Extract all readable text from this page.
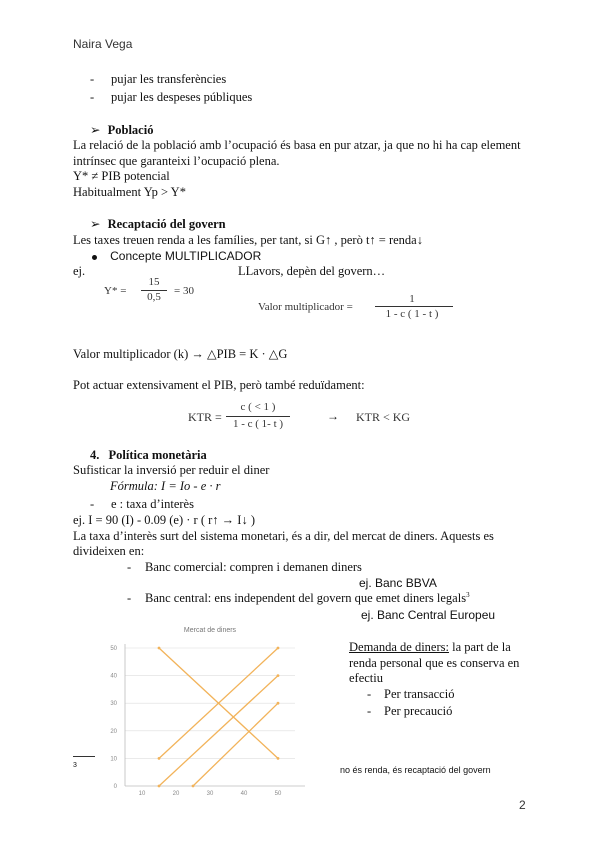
Naira Vega
- pujar les transferències
- pujar les despeses públiques
➢ Població
La relació de la població amb l’ocupació és basa en pur atzar, ja que no hi ha cap element
intrínsec que garanteixi l’ocupació plena.
Y* ≠ PIB potencial
Habitualment Yp > Y*
➢ Recaptació del govern
Les taxes treuen renda a les famílies, per tant, si G↑ , però t↑ = renda↓
Concepte MULTIPLICADOR
ej.	LLavors, depèn del govern…
Y* =
15
0,5	= 30
Valor multiplicador =
1
1 - c ( 1 - t )
Valor multiplicador (k) → △PIB = K · △G
Pot actuar extensivament el PIB, però també reduïdament:
KTR =
c ( < 1 )
1 - c ( 1- t )
→ KTR < KG
4. Política monetària
Sufisticar la inversió per reduir el diner
Fórmula: I = Io - e · r
- e : taxa d’interès
ej. I = 90 (I) - 0.09 (e) · r ( r↑ → I↓ )
La taxa d’interès surt del sistema monetari, és a dir, del mercat de diners. Aquests es
divideixen en:
- Banc comercial: compren i demanen diners
ej. Banc BBVA
- Banc central: ens independent del govern que emet diners legals$^3$
ej. Banc Central Europeu
Mercat de diners
0
10
20
30
40
50
10	20	30	40	50
Demanda de diners: la part de la
renda personal que es conserva en
efectiu
- Per transacció
- Per precaució
3	no és renda, és recaptació del govern
2
